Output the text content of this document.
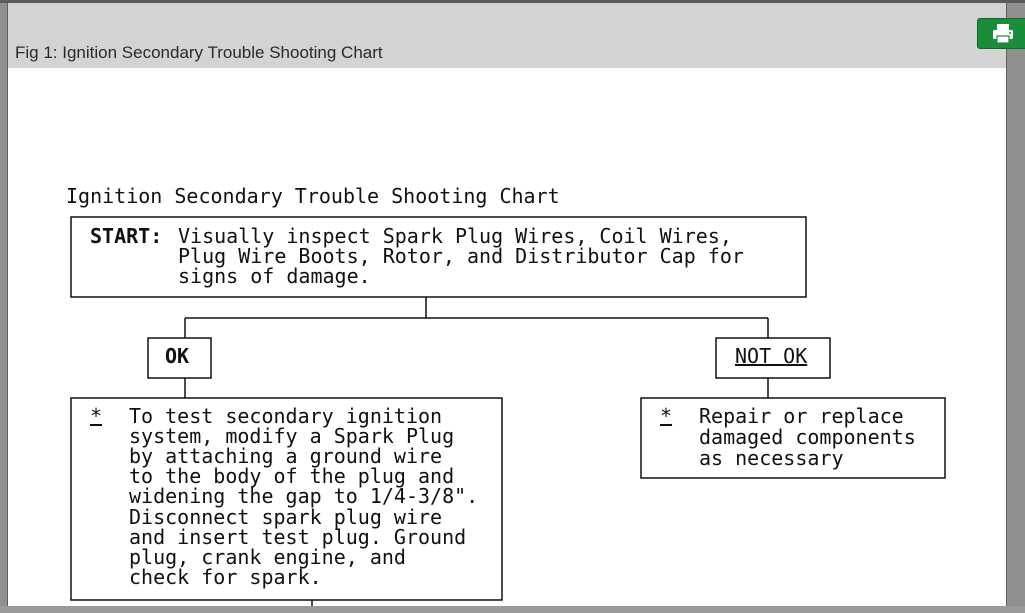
Fig 1: Ignition Secondary Trouble Shooting Chart
Ignition Secondary Trouble Shooting Chart
START: Visually inspect Spark Plug Wires, Coil Wires,
Plug Wire Boots, Rotor, and Distributor Cap for
signs of damage.
OK	NOT OK
* To test secondary ignition
system, modify a Spark Plug
by attaching a ground wire
to the body of the plug and
widening the gap to 1/4-3/8".
Disconnect spark plug wire
and insert test plug. Ground
plug, crank engine, and
check for spark.
* Repair or replace
damaged components
as necessary
